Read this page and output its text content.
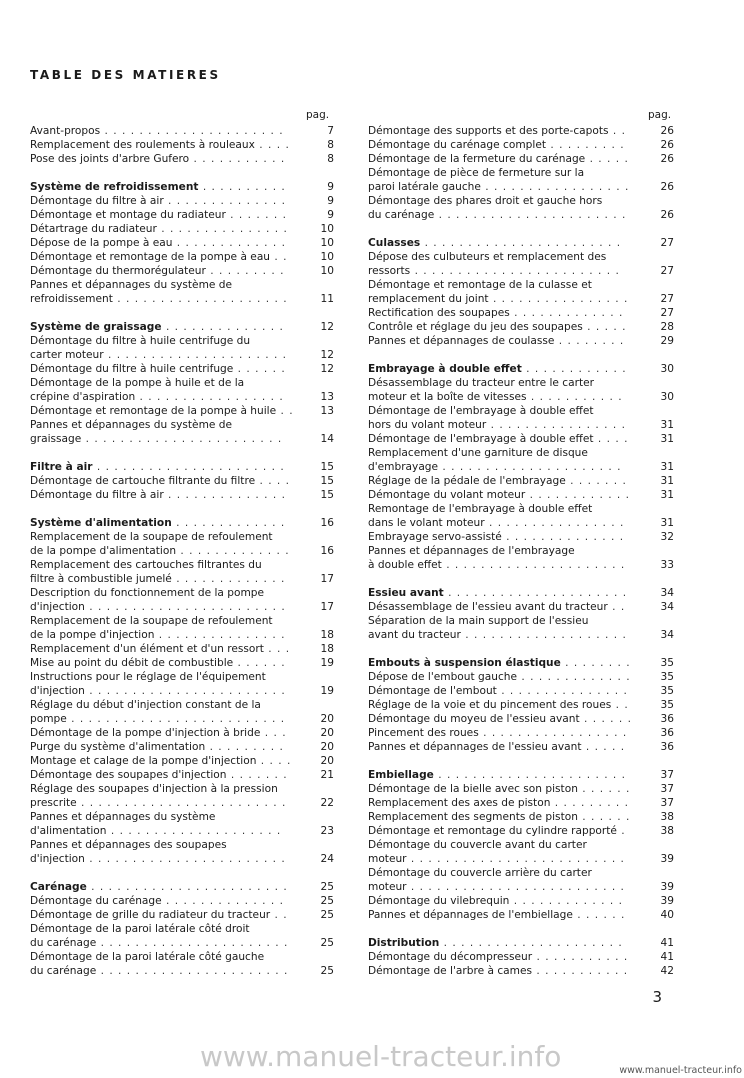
TABLE DES MATIERES
pag.	pag.
Avant-propos . . . . . . . . . . . . . . . . . . . . .	7
Remplacement des roulements à rouleaux . . . .	8
Pose des joints d'arbre Gufero . . . . . . . . . . .	8
Système de refroidissement . . . . . . . . . .	9
Démontage du filtre à air . . . . . . . . . . . . . .	9
Démontage et montage du radiateur . . . . . . .	9
Détartrage du radiateur . . . . . . . . . . . . . . .	10
Dépose de la pompe à eau . . . . . . . . . . . . .	10
Démontage et remontage de la pompe à eau . .	10
Démontage du thermorégulateur . . . . . . . . .	10
Pannes et dépannages du système de
refroidissement . . . . . . . . . . . . . . . . . . . .	11
Système de graissage . . . . . . . . . . . . . .	12
Démontage du filtre à huile centrifuge du
carter moteur . . . . . . . . . . . . . . . . . . . . .	12
Démontage du filtre à huile centrifuge . . . . . .	12
Démontage de la pompe à huile et de la
crépine d'aspiration . . . . . . . . . . . . . . . . .	13
Démontage et remontage de la pompe à huile . .	13
Pannes et dépannages du système de
graissage . . . . . . . . . . . . . . . . . . . . . . .	14
Filtre à air . . . . . . . . . . . . . . . . . . . . . .	15
Démontage de cartouche filtrante du filtre . . . .	15
Démontage du filtre à air . . . . . . . . . . . . . .	15
Système d'alimentation . . . . . . . . . . . . .	16
Remplacement de la soupape de refoulement
de la pompe d'alimentation . . . . . . . . . . . . .	16
Remplacement des cartouches filtrantes du
filtre à combustible jumelé . . . . . . . . . . . . .	17
Description du fonctionnement de la pompe
d'injection . . . . . . . . . . . . . . . . . . . . . . .	17
Remplacement de la soupape de refoulement
de la pompe d'injection . . . . . . . . . . . . . . .	18
Remplacement d'un élément et d'un ressort . . .	18
Mise au point du débit de combustible . . . . . .	19
Instructions pour le réglage de l'équipement
d'injection . . . . . . . . . . . . . . . . . . . . . . .	19
Réglage du début d'injection constant de la
pompe . . . . . . . . . . . . . . . . . . . . . . . . .	20
Démontage de la pompe d'injection à bride . . .	20
Purge du système d'alimentation . . . . . . . . .	20
Montage et calage de la pompe d'injection . . . .	20
Démontage des soupapes d'injection . . . . . . .	21
Réglage des soupapes d'injection à la pression
prescrite . . . . . . . . . . . . . . . . . . . . . . . .	22
Pannes et dépannages du système
d'alimentation . . . . . . . . . . . . . . . . . . . .	23
Pannes et dépannages des soupapes
d'injection . . . . . . . . . . . . . . . . . . . . . . .	24
Carénage . . . . . . . . . . . . . . . . . . . . . . .	25
Démontage du carénage . . . . . . . . . . . . . .	25
Démontage de grille du radiateur du tracteur . .	25
Démontage de la paroi latérale côté droit
du carénage . . . . . . . . . . . . . . . . . . . . . .	25
Démontage de la paroi latérale côté gauche
du carénage . . . . . . . . . . . . . . . . . . . . . .	25
Démontage des supports et des porte-capots . .	26
Démontage du carénage complet . . . . . . . . .	26
Démontage de la fermeture du carénage . . . . .	26
Démontage de pièce de fermeture sur la
paroi latérale gauche . . . . . . . . . . . . . . . . .	26
Démontage des phares droit et gauche hors
du carénage . . . . . . . . . . . . . . . . . . . . . .	26
Culasses . . . . . . . . . . . . . . . . . . . . . . .	27
Dépose des culbuteurs et remplacement des
ressorts . . . . . . . . . . . . . . . . . . . . . . . .	27
Démontage et remontage de la culasse et
remplacement du joint . . . . . . . . . . . . . . . .	27
Rectification des soupapes . . . . . . . . . . . . .	27
Contrôle et réglage du jeu des soupapes . . . . .	28
Pannes et dépannages de coulasse . . . . . . . .	29
Embrayage à double effet . . . . . . . . . . . .	30
Désassemblage du tracteur entre le carter
moteur et la boîte de vitesses . . . . . . . . . . .	30
Démontage de l'embrayage à double effet
hors du volant moteur . . . . . . . . . . . . . . . .	31
Démontage de l'embrayage à double effet . . . .	31
Remplacement d'une garniture de disque
d'embrayage . . . . . . . . . . . . . . . . . . . . .	31
Réglage de la pédale de l'embrayage . . . . . . .	31
Démontage du volant moteur . . . . . . . . . . . .	31
Remontage de l'embrayage à double effet
dans le volant moteur . . . . . . . . . . . . . . . .	31
Embrayage servo-assisté . . . . . . . . . . . . . .	32
Pannes et dépannages de l'embrayage
à double effet . . . . . . . . . . . . . . . . . . . . .	33
Essieu avant . . . . . . . . . . . . . . . . . . . . .	34
Désassemblage de l'essieu avant du tracteur . .	34
Séparation de la main support de l'essieu
avant du tracteur . . . . . . . . . . . . . . . . . . .	34
Embouts à suspension élastique . . . . . . . .	35
Dépose de l'embout gauche . . . . . . . . . . . . .	35
Démontage de l'embout . . . . . . . . . . . . . . .	35
Réglage de la voie et du pincement des roues . .	35
Démontage du moyeu de l'essieu avant . . . . . .	36
Pincement des roues . . . . . . . . . . . . . . . . .	36
Pannes et dépannages de l'essieu avant . . . . .	36
Embiellage . . . . . . . . . . . . . . . . . . . . . .	37
Démontage de la bielle avec son piston . . . . . .	37
Remplacement des axes de piston . . . . . . . . .	37
Remplacement des segments de piston . . . . . .	38
Démontage et remontage du cylindre rapporté .	38
Démontage du couvercle avant du carter
moteur . . . . . . . . . . . . . . . . . . . . . . . . .	39
Démontage du couvercle arrière du carter
moteur . . . . . . . . . . . . . . . . . . . . . . . . .	39
Démontage du vilebrequin . . . . . . . . . . . . .	39
Pannes et dépannages de l'embiellage . . . . . .	40
Distribution . . . . . . . . . . . . . . . . . . . . .	41
Démontage du décompresseur . . . . . . . . . . .	41
Démontage de l'arbre à cames . . . . . . . . . . .	42
3
www.manuel-tracteur.info	www.manuel-tracteur.info
